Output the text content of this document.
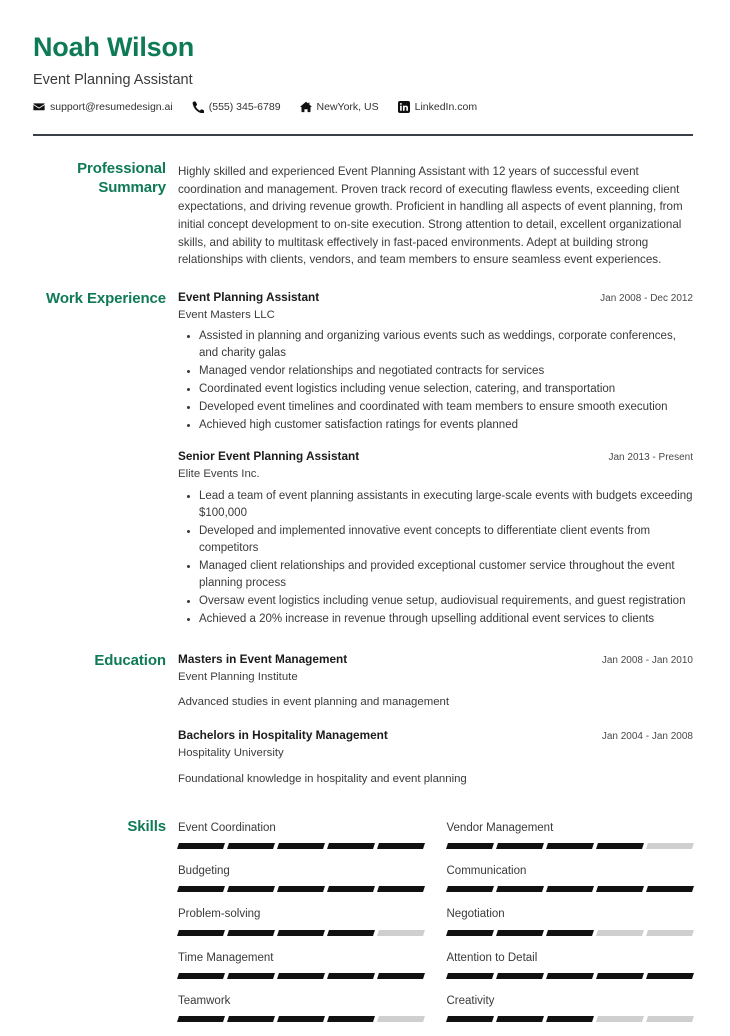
Noah Wilson
Event Planning Assistant
support@resumedesign.ai	(555) 345-6789	NewYork, US	LinkedIn.com
Professional Summary

Highly skilled and experienced Event Planning Assistant with 12 years of successful event coordination and management. Proven track record of executing flawless events, exceeding client expectations, and driving revenue growth. Proficient in handling all aspects of event planning, from initial concept development to on-site execution. Strong attention to detail, excellent organizational skills, and ability to multitask effectively in fast-paced environments. Adept at building strong relationships with clients, vendors, and team members to ensure seamless event experiences.

Work Experience	Event Planning Assistant	Jan 2008 - Dec 2012
Event Masters LLC
Assisted in planning and organizing various events such as weddings, corporate conferences, and charity galas
Managed vendor relationships and negotiated contracts for services
Coordinated event logistics including venue selection, catering, and transportation
Developed event timelines and coordinated with team members to ensure smooth execution
Achieved high customer satisfaction ratings for events planned
Senior Event Planning Assistant	Jan 2013 - Present
Elite Events Inc.
Lead a team of event planning assistants in executing large-scale events with budgets exceeding $100,000
Developed and implemented innovative event concepts to differentiate client events from competitors
Managed client relationships and provided exceptional customer service throughout the event planning process
Oversaw event logistics including venue setup, audiovisual requirements, and guest registration
Achieved a 20% increase in revenue through upselling additional event services to clients
Education	Masters in Event Management	Jan 2008 - Jan 2010
Event Planning Institute
Advanced studies in event planning and management
Bachelors in Hospitality Management	Jan 2004 - Jan 2008
Hospitality University
Foundational knowledge in hospitality and event planning
Skills	Event Coordination	Vendor Management
Budgeting	Communication
Problem-solving	Negotiation
Time Management	Attention to Detail
Teamwork	Creativity
